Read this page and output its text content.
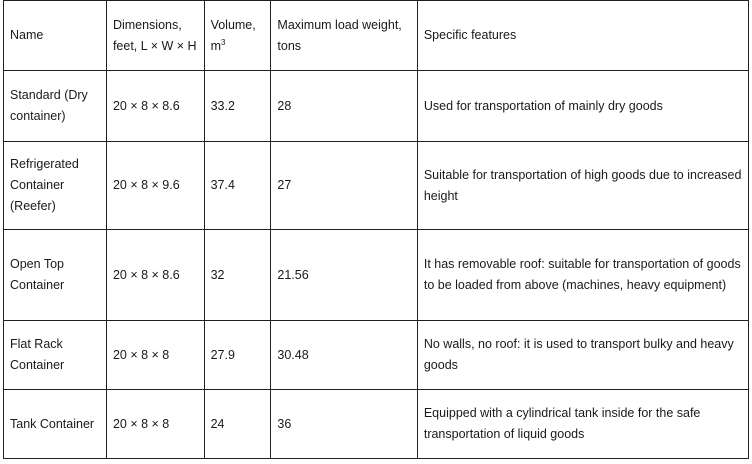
Name	Dimensions, feet, L × W × H	Volume, $m^3$	Maximum load weight, tons	Specific features
Standard (Dry container)	20 × 8 × 8.6	33.2	28	Used for transportation of mainly dry goods
Refrigerated Container (Reefer)	20 × 8 × 9.6	37.4	27	Suitable for transportation of high goods due to increased height
Open Top Container	20 × 8 × 8.6	32	21.56	It has removable roof: suitable for transportation of goods to be loaded from above (machines, heavy equipment)
Flat Rack Container	20 × 8 × 8	27.9	30.48	No walls, no roof: it is used to transport bulky and heavy goods
Tank Container	20 × 8 × 8	24	36	Equipped with a cylindrical tank inside for the safe transportation of liquid goods
